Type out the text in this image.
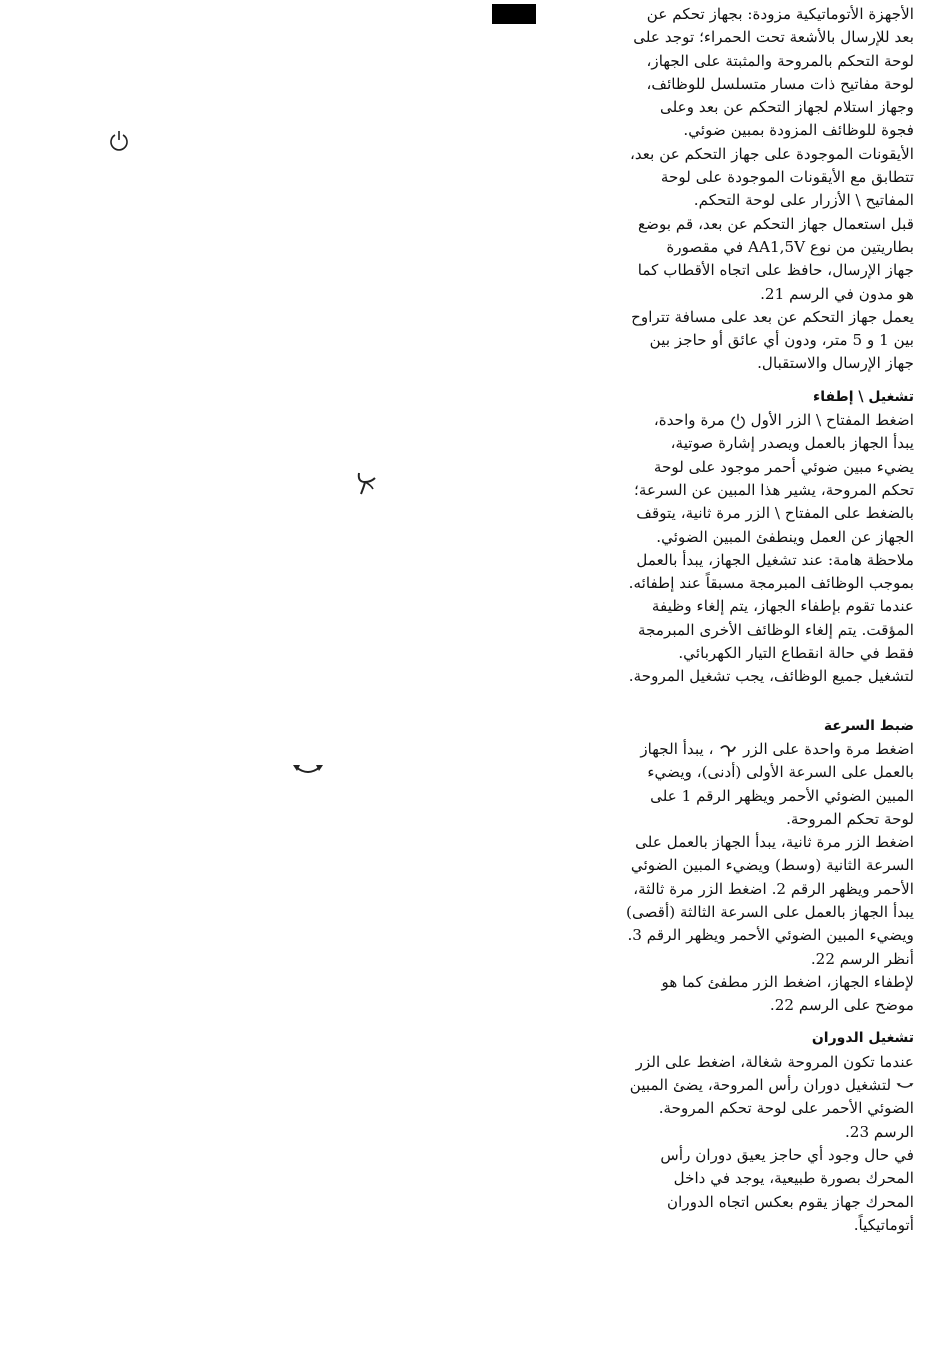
الأجهزة الأتوماتيكية مزودة: بجهاز تحكم عن
بعد للإرسال بالأشعة تحت الحمراء؛ توجد على
لوحة التحكم بالمروحة والمثبتة على الجهاز،
لوحة مفاتيح ذات مسار متسلسل للوظائف،
وجهاز استلام لجهاز التحكم عن بعد وعلى
فجوة للوظائف المزودة بمبين ضوئي.
الأيقونات الموجودة على جهاز التحكم عن بعد،
تتطابق مع الأيقونات الموجودة على لوحة
المفاتيح \ الأزرار على لوحة التحكم.
قبل استعمال جهاز التحكم عن بعد، قم بوضع
بطاريتين من نوع AA1,5V في مقصورة
جهاز الإرسال، حافظ على اتجاه الأقطاب كما
هو مدون في الرسم 21.
يعمل جهاز التحكم عن بعد على مسافة تتراوح
بين 1 و 5 متر، ودون أي عائق أو حاجز بين
جهاز الإرسال والاستقبال.
تشغيل \ إطفاء
اضغط المفتاح \ الزر الأول  مرة واحدة،
يبدأ الجهاز بالعمل ويصدر إشارة صوتية،
يضيء مبين ضوئي أحمر موجود على لوحة
تحكم المروحة، يشير هذا المبين عن السرعة؛
بالضغط على المفتاح \ الزر مرة ثانية، يتوقف
الجهاز عن العمل وينطفئ المبين الضوئي.
ملاحظة هامة: عند تشغيل الجهاز، يبدأ بالعمل
بموجب الوظائف المبرمجة مسبقاً عند إطفائه.
عندما تقوم بإطفاء الجهاز، يتم إلغاء وظيفة
المؤقت. يتم إلغاء الوظائف الأخرى المبرمجة
فقط في حالة انقطاع التيار الكهربائي.
لتشغيل جميع الوظائف، يجب تشغيل المروحة.
ضبط السرعة
اضغط مرة واحدة على الزر  ، يبدأ الجهاز
بالعمل على السرعة الأولى (أدنى)، ويضيء
المبين الضوئي الأحمر ويظهر الرقم 1 على
لوحة تحكم المروحة.
اضغط الزر مرة ثانية، يبدأ الجهاز بالعمل على
السرعة الثانية (وسط) ويضيء المبين الضوئي
الأحمر ويظهر الرقم 2. اضغط الزر مرة ثالثة،
يبدأ الجهاز بالعمل على السرعة الثالثة (أقصى)
ويضيء المبين الضوئي الأحمر ويظهر الرقم 3.
أنظر الرسم 22.
لإطفاء الجهاز، اضغط الزر مطفئ كما هو
موضح على الرسم 22.
تشغيل الدوران
عندما تكون المروحة شغالة، اضغط على الزر
لتشغيل دوران رأس المروحة، يضئ المبين
الضوئي الأحمر على لوحة تحكم المروحة.
الرسم 23.
في حال وجود أي حاجز يعيق دوران رأس
المحرك بصورة طبيعية، يوجد في داخل
المحرك جهاز يقوم بعكس اتجاه الدوران
أتوماتيكياً.
